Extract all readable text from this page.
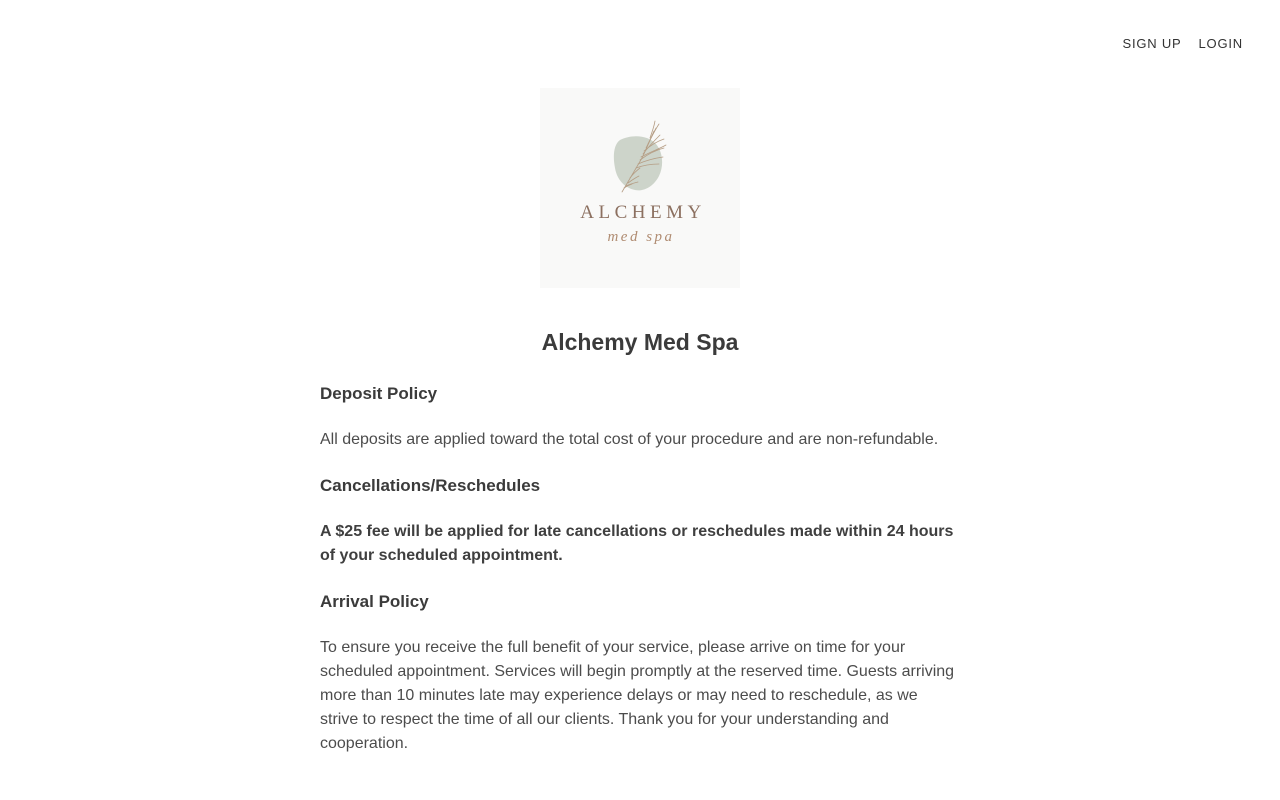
SIGN UP LOGIN
ALCHEMY
med spa
Alchemy Med Spa
Deposit Policy

All deposits are applied toward the total cost of your procedure and are non-refundable.

Cancellations/Reschedules

A $25 fee will be applied for late cancellations or reschedules made within 24 hours of your scheduled appointment.

Arrival Policy

To ensure you receive the full benefit of your service, please arrive on time for your scheduled appointment. Services will begin promptly at the reserved time. Guests arriving more than 10 minutes late may experience delays or may need to reschedule, as we strive to respect the time of all our clients. Thank you for your understanding and cooperation.
